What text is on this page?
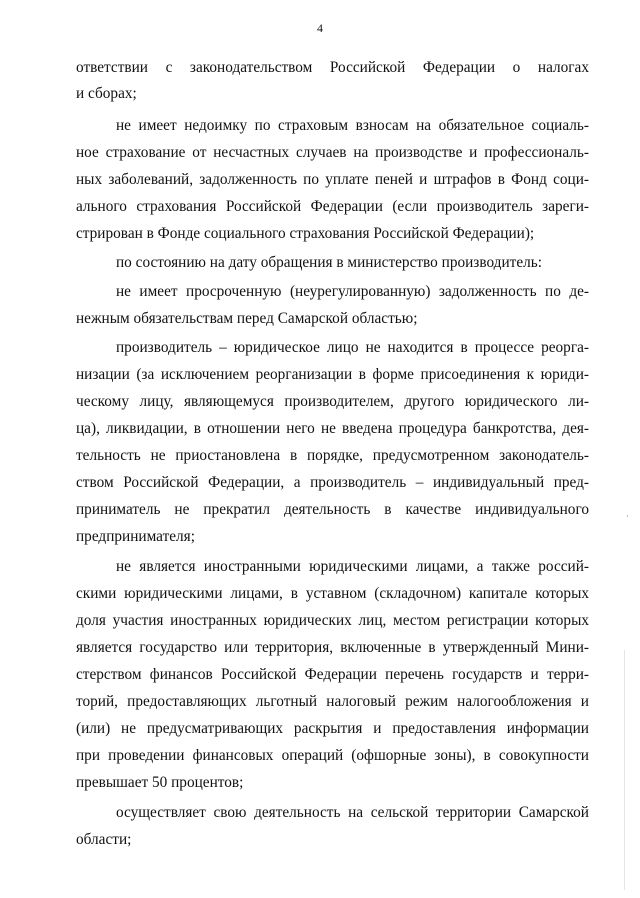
4
ответствии с законодательством Российской Федерации о налогах
и сборах;
не имеет недоимку по страховым взносам на обязательное социаль-
ное страхование от несчастных случаев на производстве и профессиональ-
ных заболеваний, задолженность по уплате пеней и штрафов в Фонд соци-
ального страхования Российской Федерации (если производитель зареги-
стрирован в Фонде социального страхования Российской Федерации);
по состоянию на дату обращения в министерство производитель:
не имеет просроченную (неурегулированную) задолженность по де-
нежным обязательствам перед Самарской областью;
производитель – юридическое лицо не находится в процессе реорга-
низации (за исключением реорганизации в форме присоединения к юриди-
ческому лицу, являющемуся производителем, другого юридического ли-
ца), ликвидации, в отношении него не введена процедура банкротства, дея-
тельность не приостановлена в порядке, предусмотренном законодатель-
ством Российской Федерации, а производитель – индивидуальный пред-
приниматель не прекратил деятельность в качестве индивидуального
предпринимателя;
не является иностранными юридическими лицами, а также россий-
скими юридическими лицами, в уставном (складочном) капитале которых
доля участия иностранных юридических лиц, местом регистрации которых
является государство или территория, включенные в утвержденный Мини-
стерством финансов Российской Федерации перечень государств и терри-
торий, предоставляющих льготный налоговый режим налогообложения и
(или) не предусматривающих раскрытия и предоставления информации
при проведении финансовых операций (офшорные зоны), в совокупности
превышает 50 процентов;
осуществляет свою деятельность на сельской территории Самарской
области;
